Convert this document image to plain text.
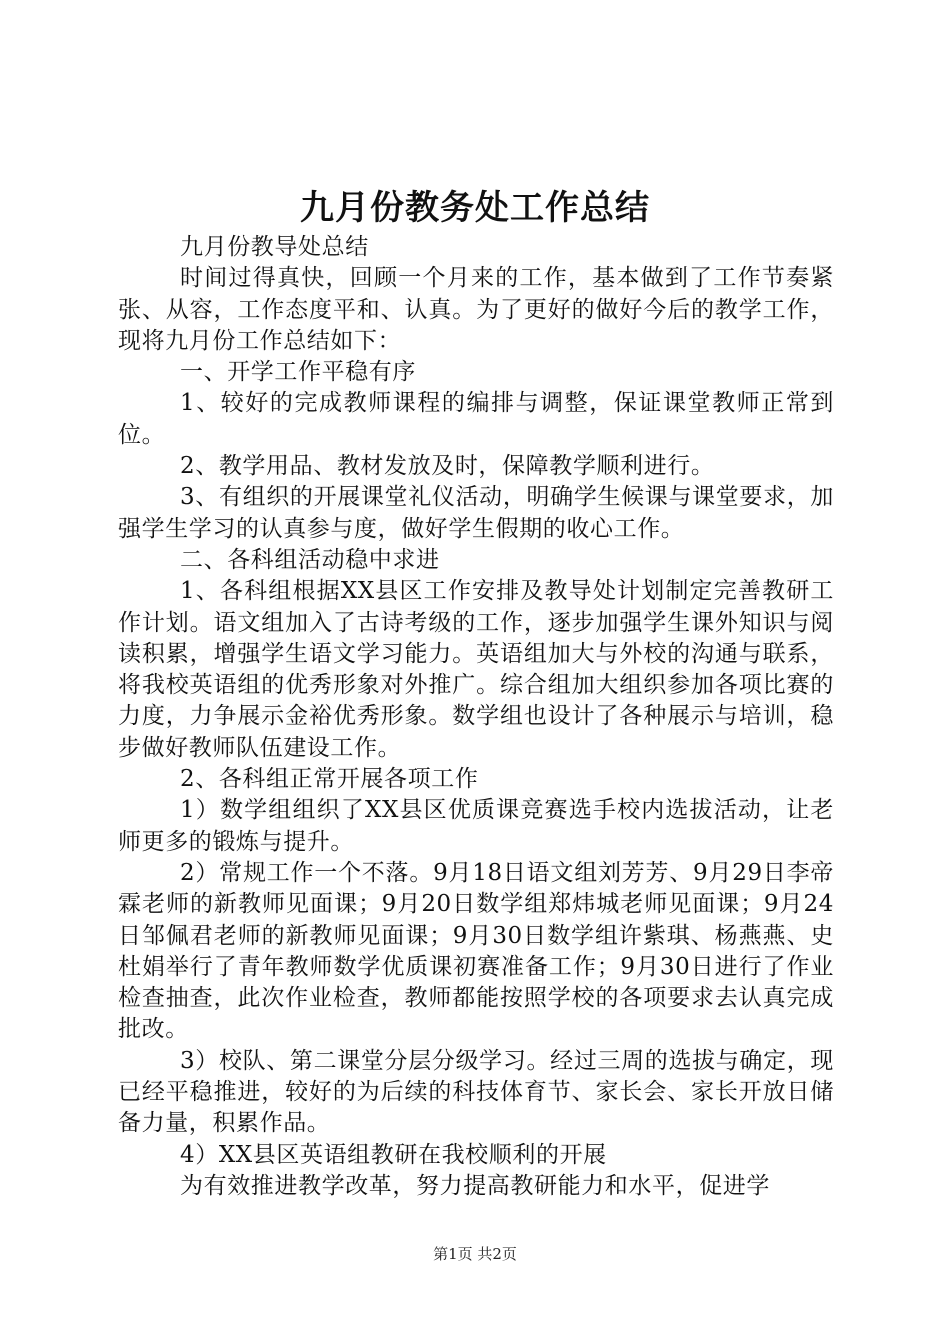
九月份教务处工作总结

九月份教导处总结

时间过得真快，回顾一个月来的工作，基本做到了工作节奏紧张、从容，工作态度平和、认真。为了更好的做好今后的教学工作，现将九月份工作总结如下：

一、开学工作平稳有序

1、较好的完成教师课程的编排与调整，保证课堂教师正常到位。

2、教学用品、教材发放及时，保障教学顺利进行。

3、有组织的开展课堂礼仪活动，明确学生候课与课堂要求，加强学生学习的认真参与度，做好学生假期的收心工作。

二、各科组活动稳中求进

1、各科组根据XX县区工作安排及教导处计划制定完善教研工作计划。语文组加入了古诗考级的工作，逐步加强学生课外知识与阅读积累，增强学生语文学习能力。英语组加大与外校的沟通与联系，将我校英语组的优秀形象对外推广。综合组加大组织参加各项比赛的力度，力争展示金裕优秀形象。数学组也设计了各种展示与培训，稳步做好教师队伍建设工作。

2、各科组正常开展各项工作

1）数学组组织了XX县区优质课竞赛选手校内选拔活动，让老师更多的锻炼与提升。

2）常规工作一个不落。9月18日语文组刘芳芳、9月29日李帝霖老师的新教师见面课；9月20日数学组郑炜城老师见面课；9月24日邹佩君老师的新教师见面课；9月30日数学组许紫琪、杨燕燕、史杜娟举行了青年教师数学优质课初赛准备工作；9月30日进行了作业检查抽查，此次作业检查，教师都能按照学校的各项要求去认真完成批改。

3）校队、第二课堂分层分级学习。经过三周的选拔与确定，现已经平稳推进，较好的为后续的科技体育节、家长会、家长开放日储备力量，积累作品。

4）XX县区英语组教研在我校顺利的开展

为有效推进教学改革，努力提高教研能力和水平，促进学

第1页 共2页
